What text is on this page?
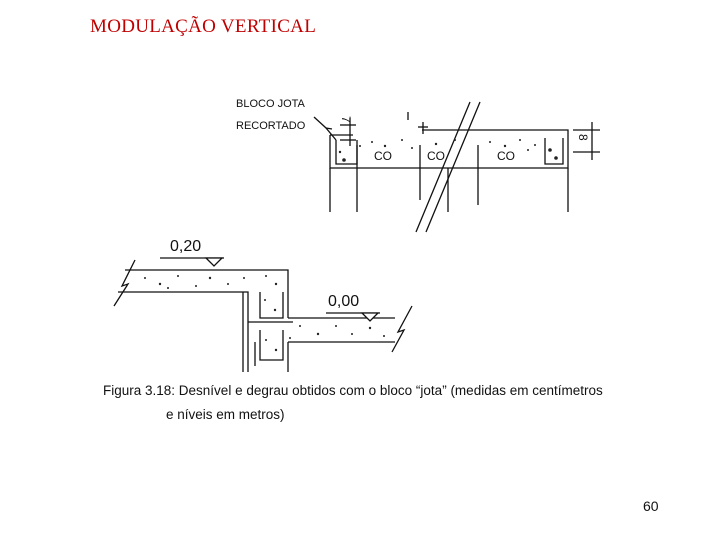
MODULAÇÃO VERTICAL
BLOCO JOTA
RECORTADO
7
8
CO	CO	CO
0,20
0,00
Figura 3.18: Desnível e degrau obtidos com o bloco “jota” (medidas em centímetros
e níveis em metros)
60
